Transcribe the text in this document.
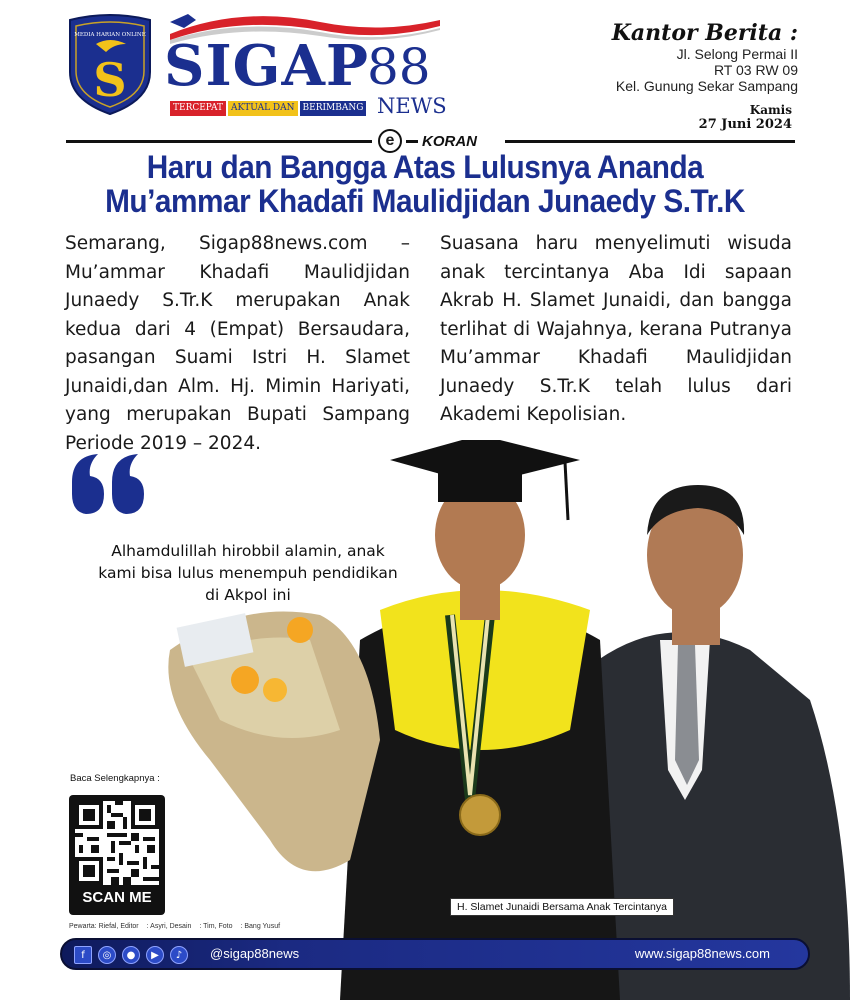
S
MEDIA HARIAN ONLINE SIGAP
88
NEWS
TERCEPAT AKTUAL DAN BERIMBANG
Kantor Berita :
Jl. Selong Permai II
RT 03 RW 09
Kel. Gunung Sekar Sampang
Kamis
27 Juni 2024
e	KORAN
Haru dan Bangga Atas Lulusnya Ananda
Mu’ammar Khadafi Maulidjidan Junaedy S.Tr.K

Semarang, Sigap88news.com – Mu’ammar Khadafi Maulidjidan Junaedy S.Tr.K merupakan Anak kedua dari 4 (Empat) Bersaudara, pasangan Suami Istri H. Slamet Junaidi,dan Alm. Hj. Mimin Hariyati, yang merupakan Bupati Sampang Periode 2019 – 2024.

Suasana haru menyelimuti wisuda anak tercintanya Aba Idi sapaan Akrab H. Slamet Junaidi, dan bangga terlihat di Wajahnya, kerana Putranya Mu’ammar Khadafi Maulidjidan Junaedy S.Tr.K telah lulus dari Akademi Kepolisian.

H. Slamet Junaidi Bersama Anak Tercintanya
Alhamdulillah hirobbil alamin, anak
kami bisa lulus menempuh pendidikan
di Akpol ini
Baca Selengkapnya :
SCAN ME
Pewarta: Riefal, Editor : Asyri, Desain : Tim, Foto : Bang Yusuf
f	◎	●	▶	♪	@sigap88news	www.sigap88news.com
